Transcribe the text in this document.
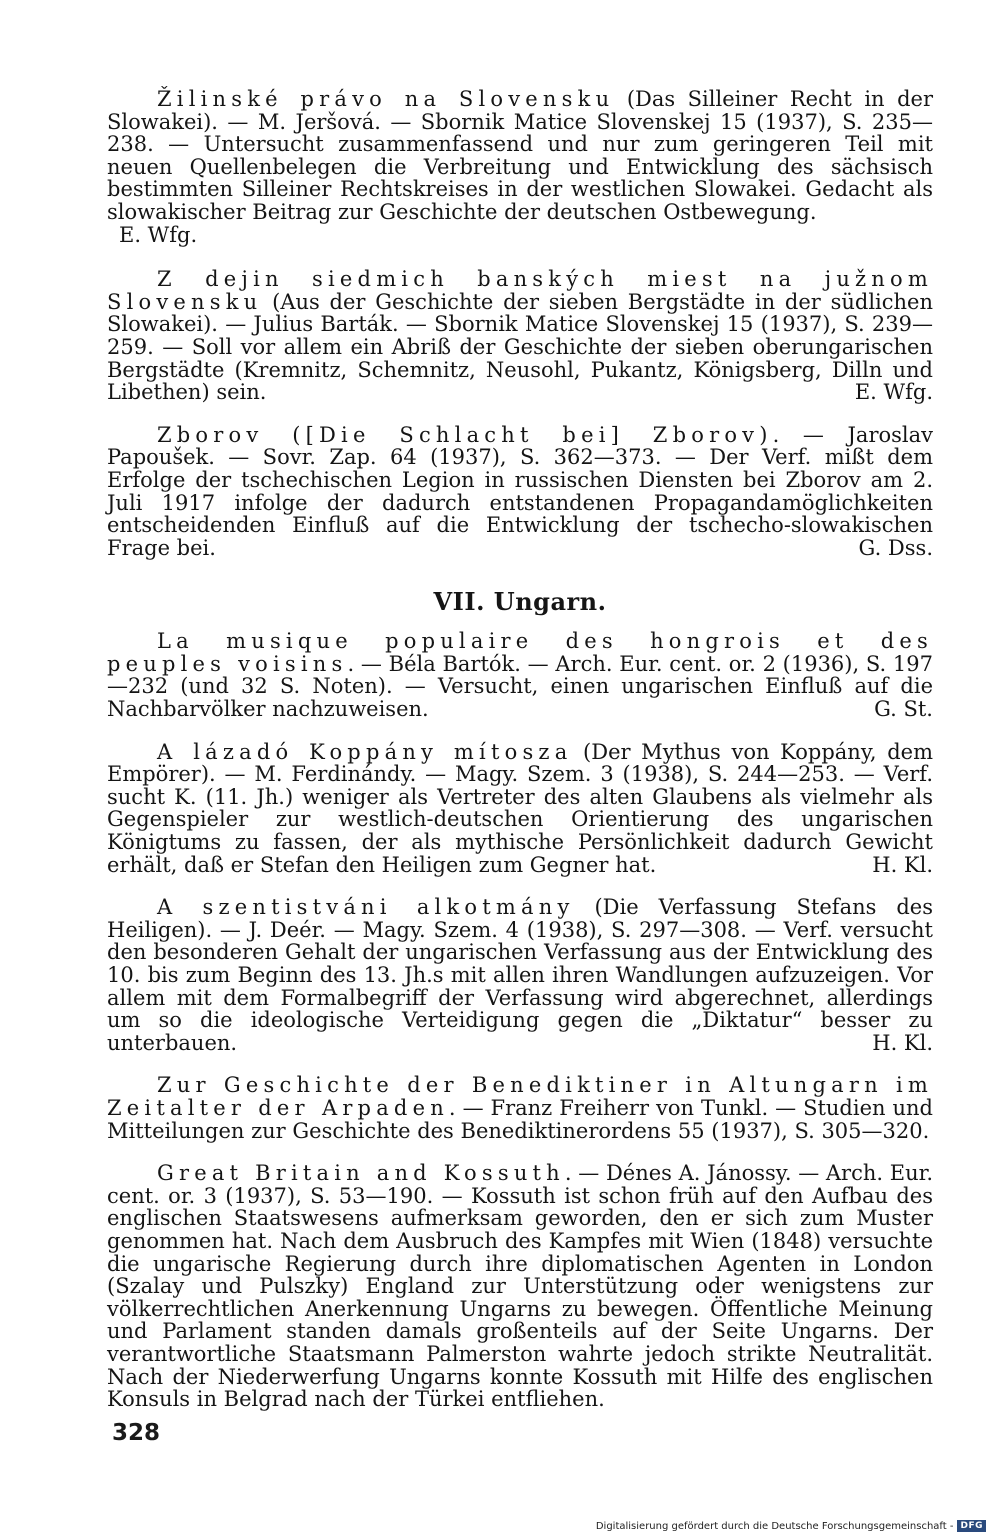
Žilinské právo na Slovensku (Das Silleiner Recht in der Slowakei). — M. Jeršová. — Sbornik Matice Slovenskej 15 (1937), S. 235—238. — Untersucht zusammenfassend und nur zum geringeren Teil mit neuen Quellenbelegen die Verbreitung und Entwicklung des sächsisch bestimmten Silleiner Rechtskreises in der westlichen Slowakei. Gedacht als slowakischer Beitrag zur Geschichte der deutschen Ostbewegung.
E. Wfg.

Z dejin siedmich banských miest na južnom Slovensku (Aus der Geschichte der sieben Bergstädte in der südlichen Slowakei). — Julius Barták. — Sbornik Matice Slovenskej 15 (1937), S. 239—259. — Soll vor allem ein Abriß der Geschichte der sieben oberungarischen Bergstädte (Kremnitz, Schemnitz, Neusohl, Pukantz, Königsberg, Dilln und Libethen) sein.	E. Wfg.

Zborov ([Die Schlacht bei] Zborov). — Jaroslav Papoušek. — Sovr. Zap. 64 (1937), S. 362—373. — Der Verf. mißt dem Erfolge der tschechischen Legion in russischen Diensten bei Zborov am 2. Juli 1917 infolge der dadurch entstandenen Propagandamöglichkeiten entscheidenden Einfluß auf die Entwicklung der tschecho-slowakischen Frage bei.	G. Dss.

VII. Ungarn.

La musique populaire des hongrois et des peuples voisins. — Béla Bartók. — Arch. Eur. cent. or. 2 (1936), S. 197—232 (und 32 S. Noten). — Versucht, einen ungarischen Einfluß auf die Nachbarvölker nachzuweisen.	G. St.

A lázadó Koppány mítosza (Der Mythus von Koppány, dem Empörer). — M. Ferdinándy. — Magy. Szem. 3 (1938), S. 244—253. — Verf. sucht K. (11. Jh.) weniger als Vertreter des alten Glaubens als vielmehr als Gegenspieler zur westlich-deutschen Orientierung des ungarischen Königtums zu fassen, der als mythische Persönlichkeit dadurch Gewicht erhält, daß er Stefan den Heiligen zum Gegner hat.	H. Kl.

A szentistváni alkotmány (Die Verfassung Stefans des Heiligen). — J. Deér. — Magy. Szem. 4 (1938), S. 297—308. — Verf. versucht den besonderen Gehalt der ungarischen Verfassung aus der Entwicklung des 10. bis zum Beginn des 13. Jh.s mit allen ihren Wandlungen aufzuzeigen. Vor allem mit dem Formalbegriff der Verfassung wird abgerechnet, allerdings um so die ideologische Verteidigung gegen die „Diktatur“ besser zu unterbauen.	H. Kl.

Zur Geschichte der Benediktiner in Altungarn im Zeitalter der Arpaden. — Franz Freiherr von Tunkl. — Studien und Mitteilungen zur Geschichte des Benediktinerordens 55 (1937), S. 305—320.

Great Britain and Kossuth. — Dénes A. Jánossy. — Arch. Eur. cent. or. 3 (1937), S. 53—190. — Kossuth ist schon früh auf den Aufbau des englischen Staatswesens aufmerksam geworden, den er sich zum Muster genommen hat. Nach dem Ausbruch des Kampfes mit Wien (1848) versuchte die ungarische Regierung durch ihre diplomatischen Agenten in London (Szalay und Pulszky) England zur Unterstützung oder wenigstens zur völkerrechtlichen Anerkennung Ungarns zu bewegen. Öffentliche Meinung und Parlament standen damals großenteils auf der Seite Ungarns. Der verantwortliche Staatsmann Palmerston wahrte jedoch strikte Neutralität. Nach der Niederwerfung Ungarns konnte Kossuth mit Hilfe des englischen Konsuls in Belgrad nach der Türkei entfliehen.

328
Digitalisierung gefördert durch die Deutsche Forschungsgemeinschaft - DFG
